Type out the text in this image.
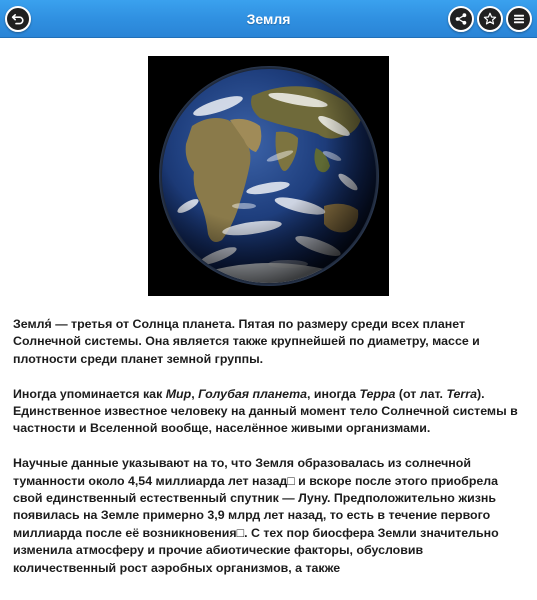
Земля

Земля́ — третья от Солнца планета. Пятая по размеру среди всех планет Солнечной системы. Она является также крупнейшей по диаметру, массе и плотности среди планет земной группы.

Иногда упоминается как Мир, Голубая планета, иногда Терра (от лат. Terra). Единственное известное человеку на данный момент тело Солнечной системы в частности и Вселенной вообще, населённое живыми организмами.

Научные данные указывают на то, что Земля образовалась из солнечной туманности около 4,54 миллиарда лет назад□ и вскоре после этого приобрела свой единственный естественный спутник — Луну. Предположительно жизнь появилась на Земле примерно 3,9 млрд лет назад, то есть в течение первого миллиарда после её возникновения□. С тех пор биосфера Земли значительно изменила атмосферу и прочие абиотические факторы, обусловив количественный рост аэробных организмов, а также
